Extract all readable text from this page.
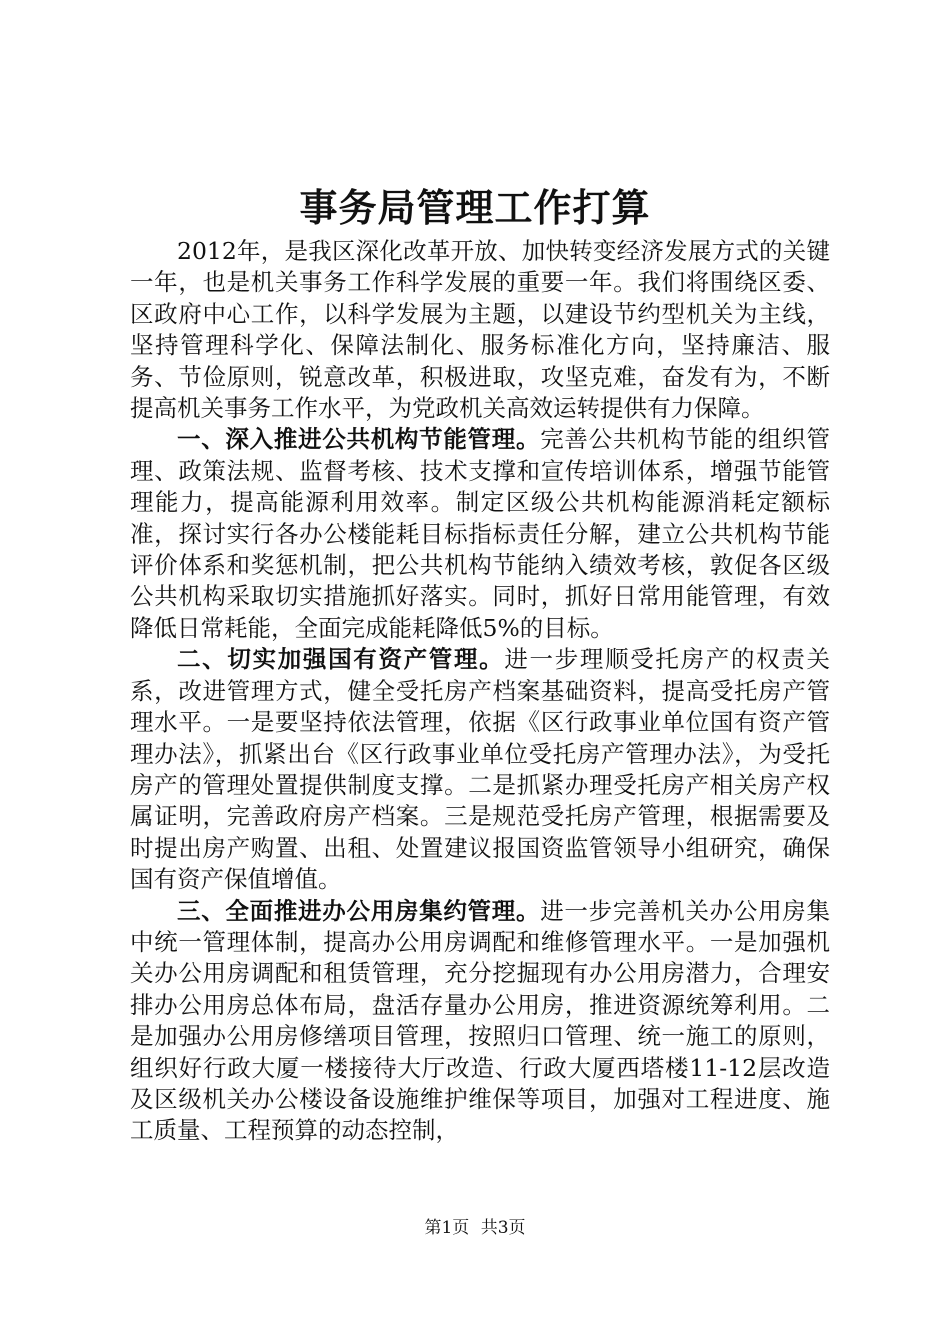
事务局管理工作打算

2012年，是我区深化改革开放、加快转变经济发展方式的关键一年，也是机关事务工作科学发展的重要一年。我们将围绕区委、区政府中心工作，以科学发展为主题，以建设节约型机关为主线，坚持管理科学化、保障法制化、服务标准化方向，坚持廉洁、服务、节俭原则，锐意改革，积极进取，攻坚克难，奋发有为，不断提高机关事务工作水平，为党政机关高效运转提供有力保障。

一、深入推进公共机构节能管理。完善公共机构节能的组织管理、政策法规、监督考核、技术支撑和宣传培训体系，增强节能管理能力，提高能源利用效率。制定区级公共机构能源消耗定额标准，探讨实行各办公楼能耗目标指标责任分解，建立公共机构节能评价体系和奖惩机制，把公共机构节能纳入绩效考核，敦促各区级公共机构采取切实措施抓好落实。同时，抓好日常用能管理，有效降低日常耗能，全面完成能耗降低5%的目标。

二、切实加强国有资产管理。进一步理顺受托房产的权责关系，改进管理方式，健全受托房产档案基础资料，提高受托房产管理水平。一是要坚持依法管理，依据《区行政事业单位国有资产管理办法》，抓紧出台《区行政事业单位受托房产管理办法》，为受托房产的管理处置提供制度支撑。二是抓紧办理受托房产相关房产权属证明，完善政府房产档案。三是规范受托房产管理，根据需要及时提出房产购置、出租、处置建议报国资监管领导小组研究，确保国有资产保值增值。

三、全面推进办公用房集约管理。进一步完善机关办公用房集中统一管理体制，提高办公用房调配和维修管理水平。一是加强机关办公用房调配和租赁管理，充分挖掘现有办公用房潜力，合理安排办公用房总体布局，盘活存量办公用房，推进资源统筹利用。二是加强办公用房修缮项目管理，按照归口管理、统一施工的原则，组织好行政大厦一楼接待大厅改造、行政大厦西塔楼11-12层改造及区级机关办公楼设备设施维护维保等项目，加强对工程进度、施工质量、工程预算的动态控制，

第1页 共3页
